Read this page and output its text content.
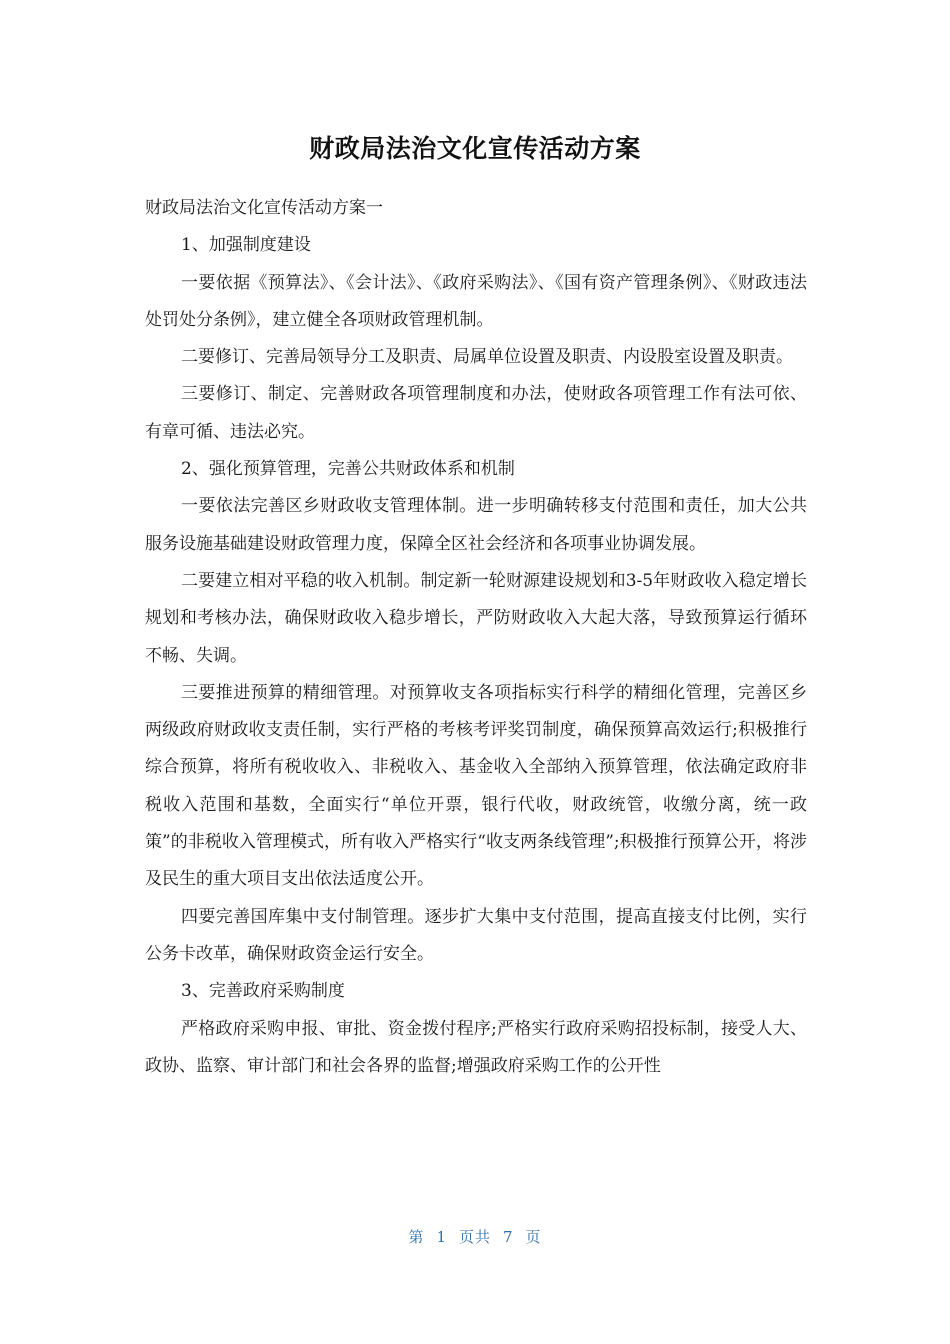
财政局法治文化宣传活动方案

财政局法治文化宣传活动方案一

1、加强制度建设

一要依据《预算法》、《会计法》、《政府采购法》、《国有资产管理条例》、《财政违法处罚处分条例》，建立健全各项财政管理机制。

二要修订、完善局领导分工及职责、局属单位设置及职责、内设股室设置及职责。

三要修订、制定、完善财政各项管理制度和办法，使财政各项管理工作有法可依、有章可循、违法必究。

2、强化预算管理，完善公共财政体系和机制

一要依法完善区乡财政收支管理体制。进一步明确转移支付范围和责任，加大公共服务设施基础建设财政管理力度，保障全区社会经济和各项事业协调发展。

二要建立相对平稳的收入机制。制定新一轮财源建设规划和3-5年财政收入稳定增长规划和考核办法，确保财政收入稳步增长，严防财政收入大起大落，导致预算运行循环不畅、失调。

三要推进预算的精细管理。对预算收支各项指标实行科学的精细化管理，完善区乡两级政府财政收支责任制，实行严格的考核考评奖罚制度，确保预算高效运行;积极推行综合预算，将所有税收收入、非税收入、基金收入全部纳入预算管理，依法确定政府非税收入范围和基数，全面实行“单位开票，银行代收，财政统管，收缴分离，统一政策”的非税收入管理模式，所有收入严格实行“收支两条线管理”;积极推行预算公开，将涉及民生的重大项目支出依法适度公开。

四要完善国库集中支付制管理。逐步扩大集中支付范围，提高直接支付比例，实行公务卡改革，确保财政资金运行安全。

3、完善政府采购制度

严格政府采购申报、审批、资金拨付程序;严格实行政府采购招投标制，接受人大、政协、监察、审计部门和社会各界的监督;增强政府采购工作的公开性

第 1 页共 7 页
